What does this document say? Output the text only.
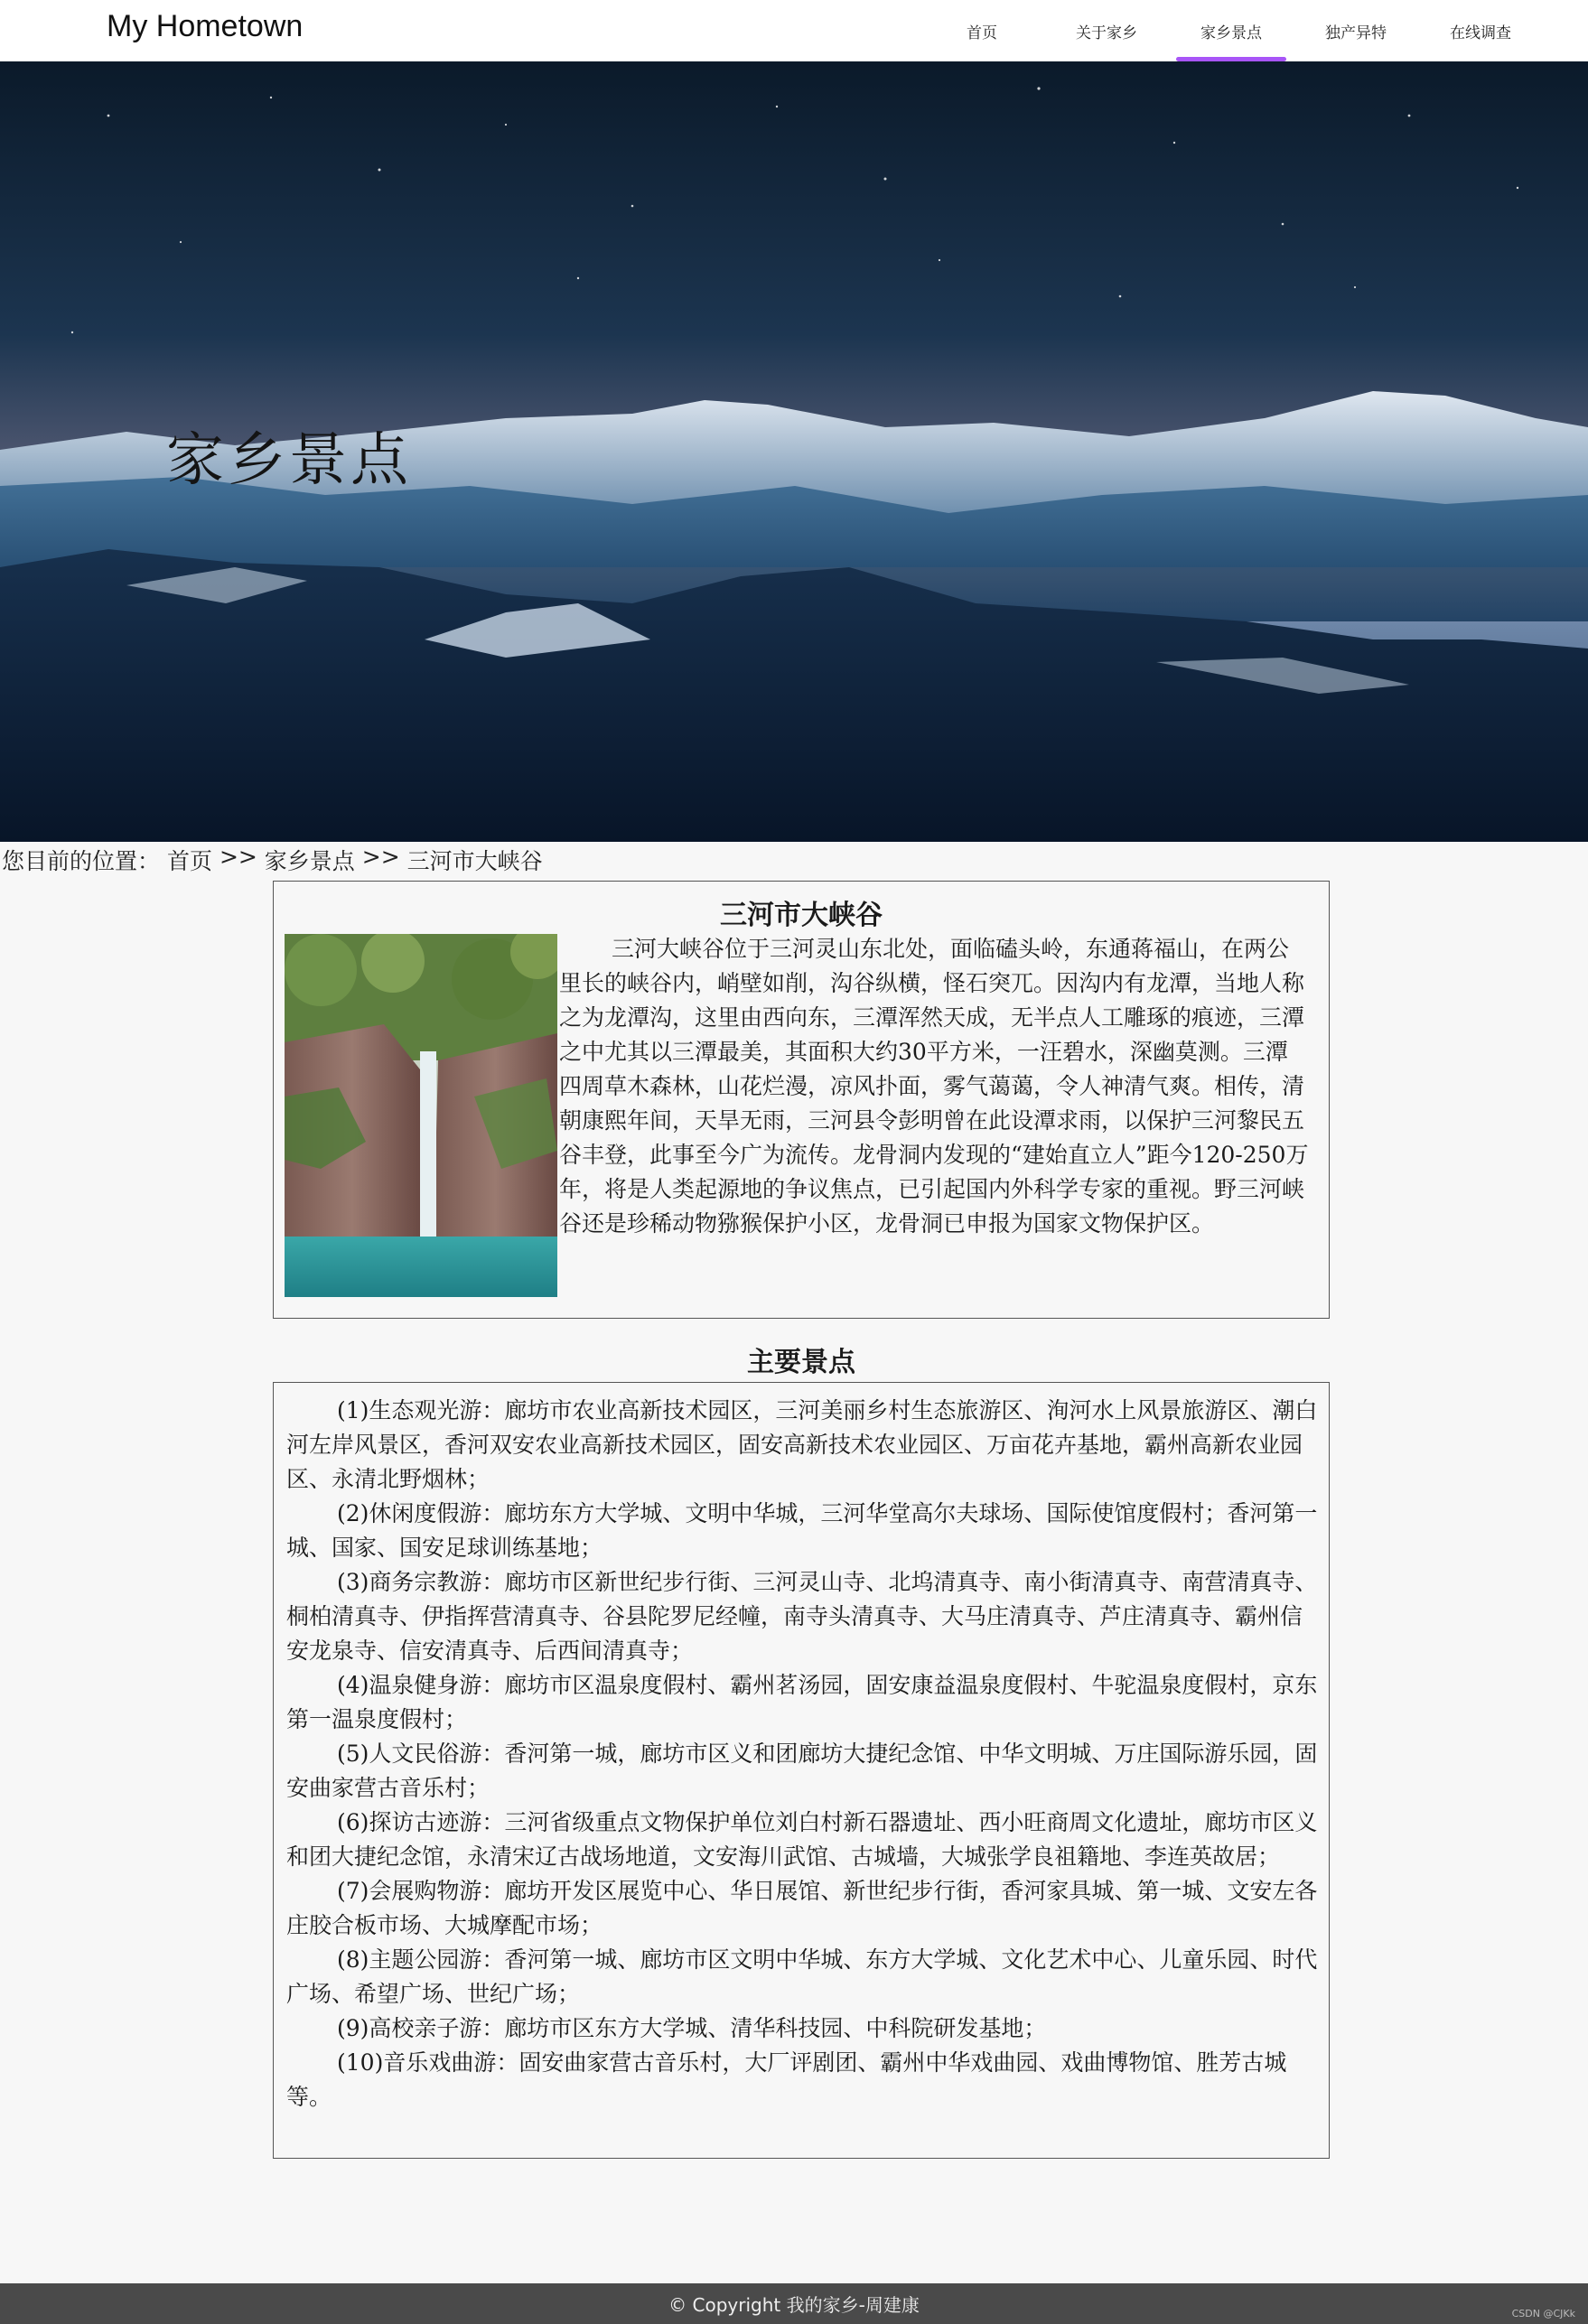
My Hometown	首页	关于家乡	家乡景点	独产异特	在线调查
家乡景点
您目前的位置：
首页
>>
家乡景点
>>
三河市大峡谷
三河市大峡谷

三河大峡谷位于三河灵山东北处，面临磕头岭，东通蒋福山，在两公里长的峡谷内，峭壁如削，沟谷纵横，怪石突兀。因沟内有龙潭，当地人称之为龙潭沟，这里由西向东，三潭浑然天成，无半点人工雕琢的痕迹，三潭之中尤其以三潭最美，其面积大约30平方米，一汪碧水，深幽莫测。三潭四周草木森林，山花烂漫，凉风扑面，雾气蔼蔼，令人神清气爽。相传，清朝康熙年间，天旱无雨，三河县令彭明曾在此设潭求雨，以保护三河黎民五谷丰登，此事至今广为流传。龙骨洞内发现的“建始直立人”距今120-250万年，将是人类起源地的争议焦点，已引起国内外科学专家的重视。野三河峡谷还是珍稀动物猕猴保护小区，龙骨洞已申报为国家文物保护区。

主要景点

(1)生态观光游：廊坊市农业高新技术园区，三河美丽乡村生态旅游区、洵河水上风景旅游区、潮白河左岸风景区，香河双安农业高新技术园区，固安高新技术农业园区、万亩花卉基地，霸州高新农业园区、永清北野烟林；

(2)休闲度假游：廊坊东方大学城、文明中华城，三河华堂高尔夫球场、国际使馆度假村；香河第一城、国家、国安足球训练基地；

(3)商务宗教游：廊坊市区新世纪步行街、三河灵山寺、北坞清真寺、南小街清真寺、南营清真寺、桐柏清真寺、伊指挥营清真寺、谷县陀罗尼经幢，南寺头清真寺、大马庄清真寺、芦庄清真寺、霸州信安龙泉寺、信安清真寺、后西间清真寺；

(4)温泉健身游：廊坊市区温泉度假村、霸州茗汤园，固安康益温泉度假村、牛驼温泉度假村，京东第一温泉度假村；

(5)人文民俗游：香河第一城，廊坊市区义和团廊坊大捷纪念馆、中华文明城、万庄国际游乐园，固安曲家营古音乐村；

(6)探访古迹游：三河省级重点文物保护单位刘白村新石器遗址、西小旺商周文化遗址，廊坊市区义和团大捷纪念馆，永清宋辽古战场地道，文安海川武馆、古城墙，大城张学良祖籍地、李连英故居；

(7)会展购物游：廊坊开发区展览中心、华日展馆、新世纪步行街，香河家具城、第一城、文安左各庄胶合板市场、大城摩配市场；

(8)主题公园游：香河第一城、廊坊市区文明中华城、东方大学城、文化艺术中心、儿童乐园、时代广场、希望广场、世纪广场；

(9)高校亲子游：廊坊市区东方大学城、清华科技园、中科院研发基地；

(10)音乐戏曲游：固安曲家营古音乐村，大厂评剧团、霸州中华戏曲园、戏曲博物馆、胜芳古城等。

© Copyright 我的家乡-周建康	CSDN @CJKk
